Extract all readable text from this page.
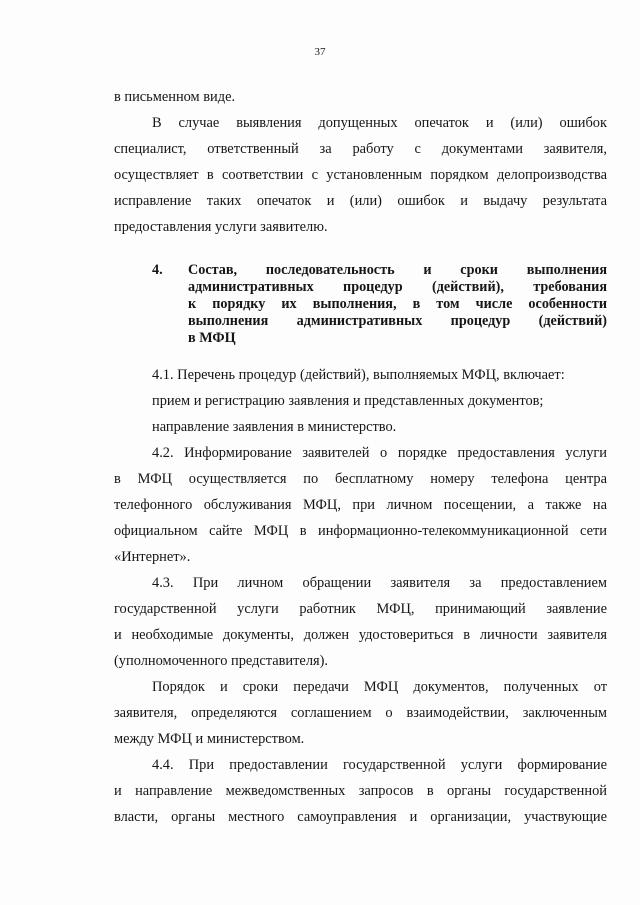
37
в письменном виде.
В случае выявления допущенных опечаток и (или) ошибок
специалист, ответственный за работу с документами заявителя,
осуществляет в соответствии с установленным порядком делопроизводства
исправление таких опечаток и (или) ошибок и выдачу результата
предоставления услуги заявителю.
4. Состав, последовательность и сроки выполнения
административных процедур (действий), требования
к порядку их выполнения, в том числе особенности
выполнения административных процедур (действий)
в МФЦ
4.1. Перечень процедур (действий), выполняемых МФЦ, включает:
прием и регистрацию заявления и представленных документов;
направление заявления в министерство.
4.2. Информирование заявителей о порядке предоставления услуги
в МФЦ осуществляется по бесплатному номеру телефона центра
телефонного обслуживания МФЦ, при личном посещении, а также на
официальном сайте МФЦ в информационно-телекоммуникационной сети
«Интернет».
4.3. При личном обращении заявителя за предоставлением
государственной услуги работник МФЦ, принимающий заявление
и необходимые документы, должен удостовериться в личности заявителя
(уполномоченного представителя).
Порядок и сроки передачи МФЦ документов, полученных от
заявителя, определяются соглашением о взаимодействии, заключенным
между МФЦ и министерством.
4.4. При предоставлении государственной услуги формирование
и направление межведомственных запросов в органы государственной
власти, органы местного самоуправления и организации, участвующие
